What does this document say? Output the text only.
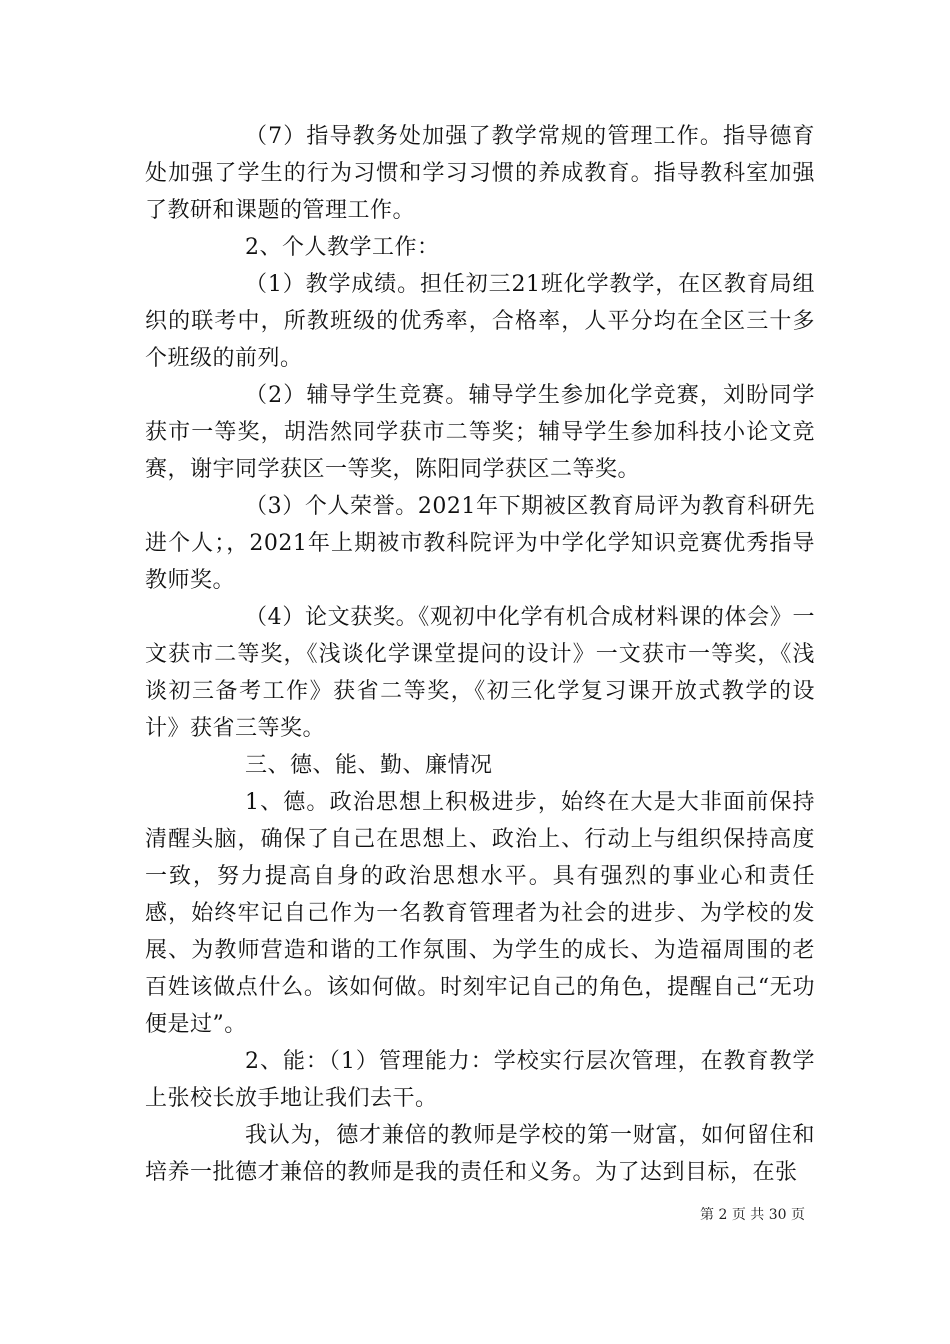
（7）指导教务处加强了教学常规的管理工作。指导德育处加强了学生的行为习惯和学习习惯的养成教育。指导教科室加强了教研和课题的管理工作。

2、个人教学工作：

（1）教学成绩。担任初三21班化学教学，在区教育局组织的联考中，所教班级的优秀率，合格率，人平分均在全区三十多个班级的前列。

（2）辅导学生竞赛。辅导学生参加化学竞赛，刘盼同学获市一等奖，胡浩然同学获市二等奖；辅导学生参加科技小论文竞赛，谢宇同学获区一等奖，陈阳同学获区二等奖。

（3）个人荣誉。2021年下期被区教育局评为教育科研先进个人；，2021年上期被市教科院评为中学化学知识竞赛优秀指导教师奖。

（4）论文获奖。《观初中化学有机合成材料课的体会》一文获市二等奖，《浅谈化学课堂提问的设计》一文获市一等奖，《浅谈初三备考工作》获省二等奖，《初三化学复习课开放式教学的设计》获省三等奖。

三、德、能、勤、廉情况

1、德。政治思想上积极进步，始终在大是大非面前保持清醒头脑，确保了自己在思想上、政治上、行动上与组织保持高度一致，努力提高自身的政治思想水平。具有强烈的事业心和责任感，始终牢记自己作为一名教育管理者为社会的进步、为学校的发展、为教师营造和谐的工作氛围、为学生的成长、为造福周围的老百姓该做点什么。该如何做。时刻牢记自己的角色，提醒自己“无功便是过”。

2、能：（1）管理能力：学校实行层次管理，在教育教学上张校长放手地让我们去干。

我认为，德才兼倍的教师是学校的第一财富，如何留住和培养一批德才兼倍的教师是我的责任和义务。为了达到目标，在张

第 2 页 共 30 页
